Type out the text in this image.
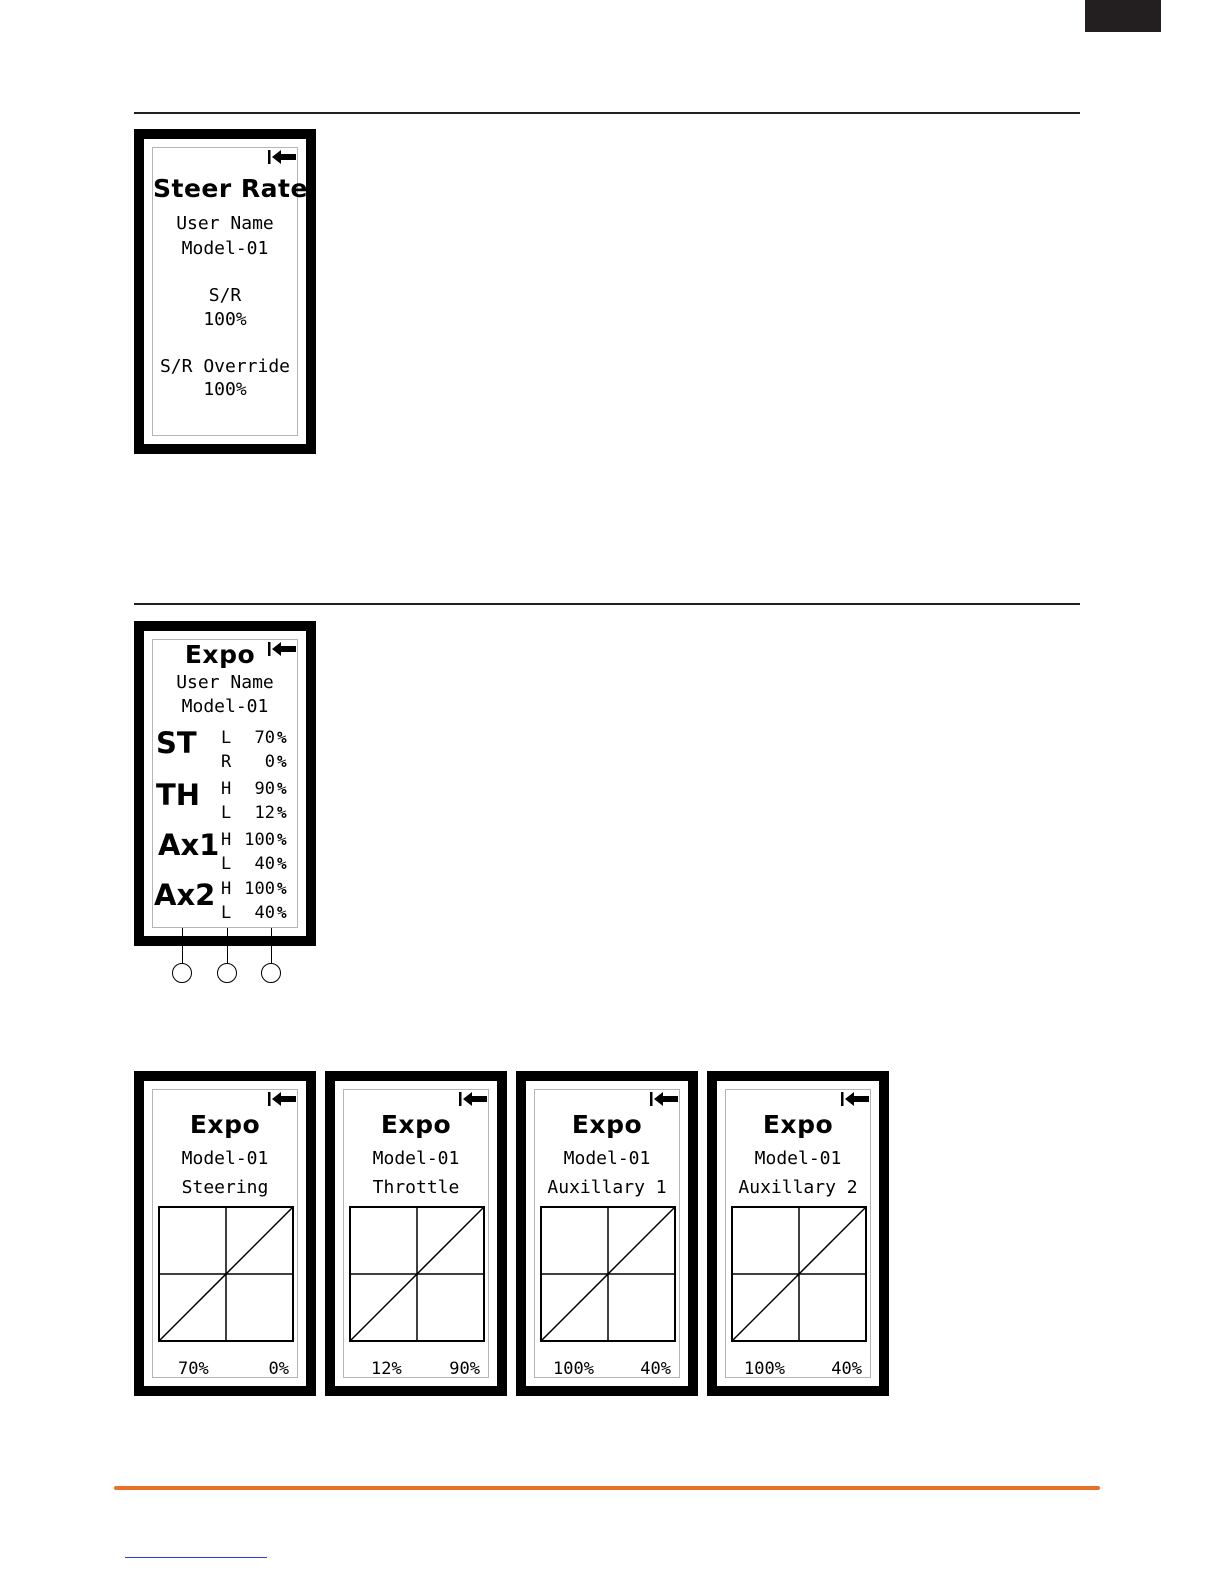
Steer Rate
User Name
Model-01
S/R
100%
S/R Override
100%
Expo
User Name
Model-01
ST L	70 %
R	0 %
TH H	90 %
L	12 %
Ax1 H 100 %
L	40 %
Ax2 H 100 %
L	40 %
Expo
Model-01
Steering
70%	0%
Expo
Model-01
Throttle
12%	90%
Expo
Model-01
Auxillary 1
100%	40%
Expo
Model-01
Auxillary 2
100%	40%
